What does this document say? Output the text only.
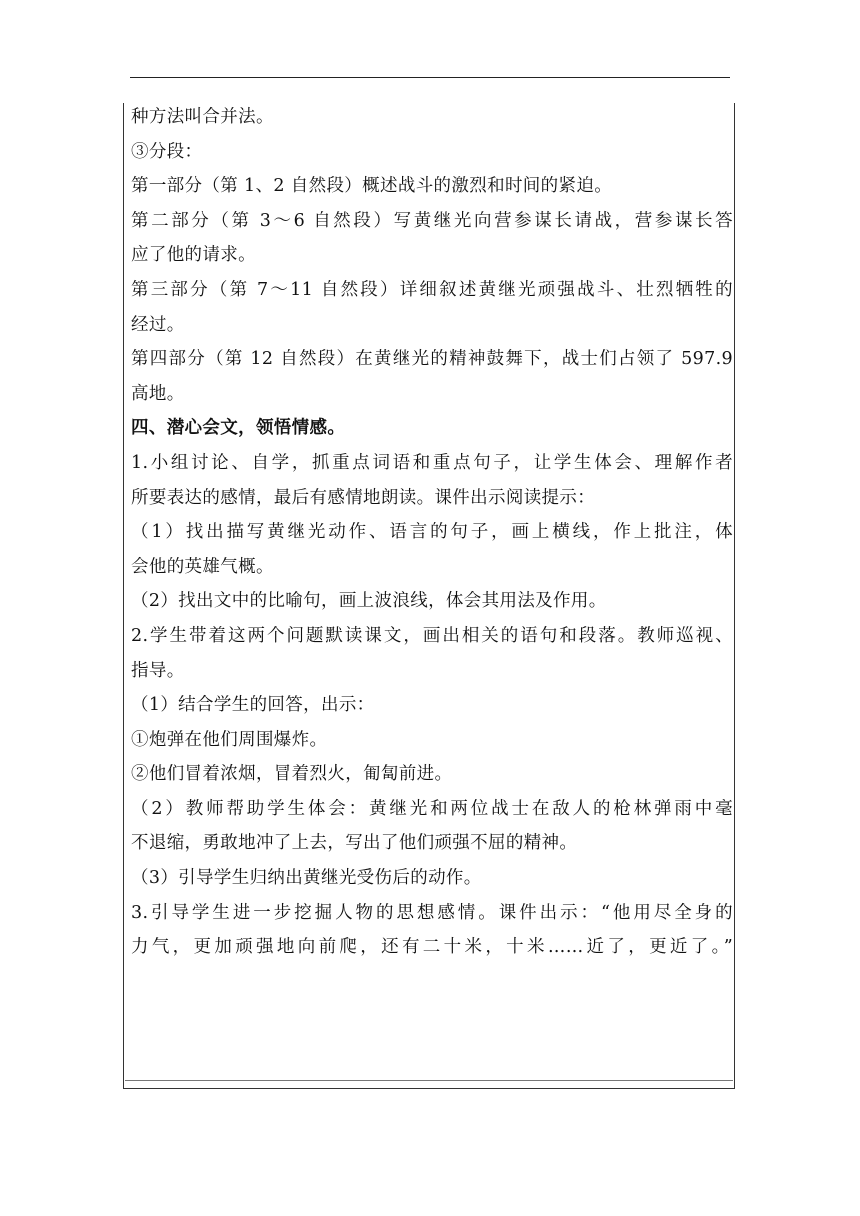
种方法叫合并法。
③分段：
第一部分（第 1、2 自然段）概述战斗的激烈和时间的紧迫。
第二部分（第 3～6 自然段）写黄继光向营参谋长请战，营参谋长答
应了他的请求。
第三部分（第 7～11 自然段）详细叙述黄继光顽强战斗、壮烈牺牲的
经过。
第四部分（第 12 自然段）在黄继光的精神鼓舞下，战士们占领了 597.9
高地。
四、潜心会文，领悟情感。
1.小组讨论、自学，抓重点词语和重点句子，让学生体会、理解作者
所要表达的感情，最后有感情地朗读。课件出示阅读提示：
（1）找出描写黄继光动作、语言的句子，画上横线，作上批注，体
会他的英雄气概。
（2）找出文中的比喻句，画上波浪线，体会其用法及作用。
2.学生带着这两个问题默读课文，画出相关的语句和段落。教师巡视、
指导。
（1）结合学生的回答，出示：
①炮弹在他们周围爆炸。
②他们冒着浓烟，冒着烈火，匍匐前进。
（2）教师帮助学生体会：黄继光和两位战士在敌人的枪林弹雨中毫
不退缩，勇敢地冲了上去，写出了他们顽强不屈的精神。
（3）引导学生归纳出黄继光受伤后的动作。
3.引导学生进一步挖掘人物的思想感情。课件出示：“他用尽全身的
力气，更加顽强地向前爬，还有二十米，十米……近了，更近了。”
